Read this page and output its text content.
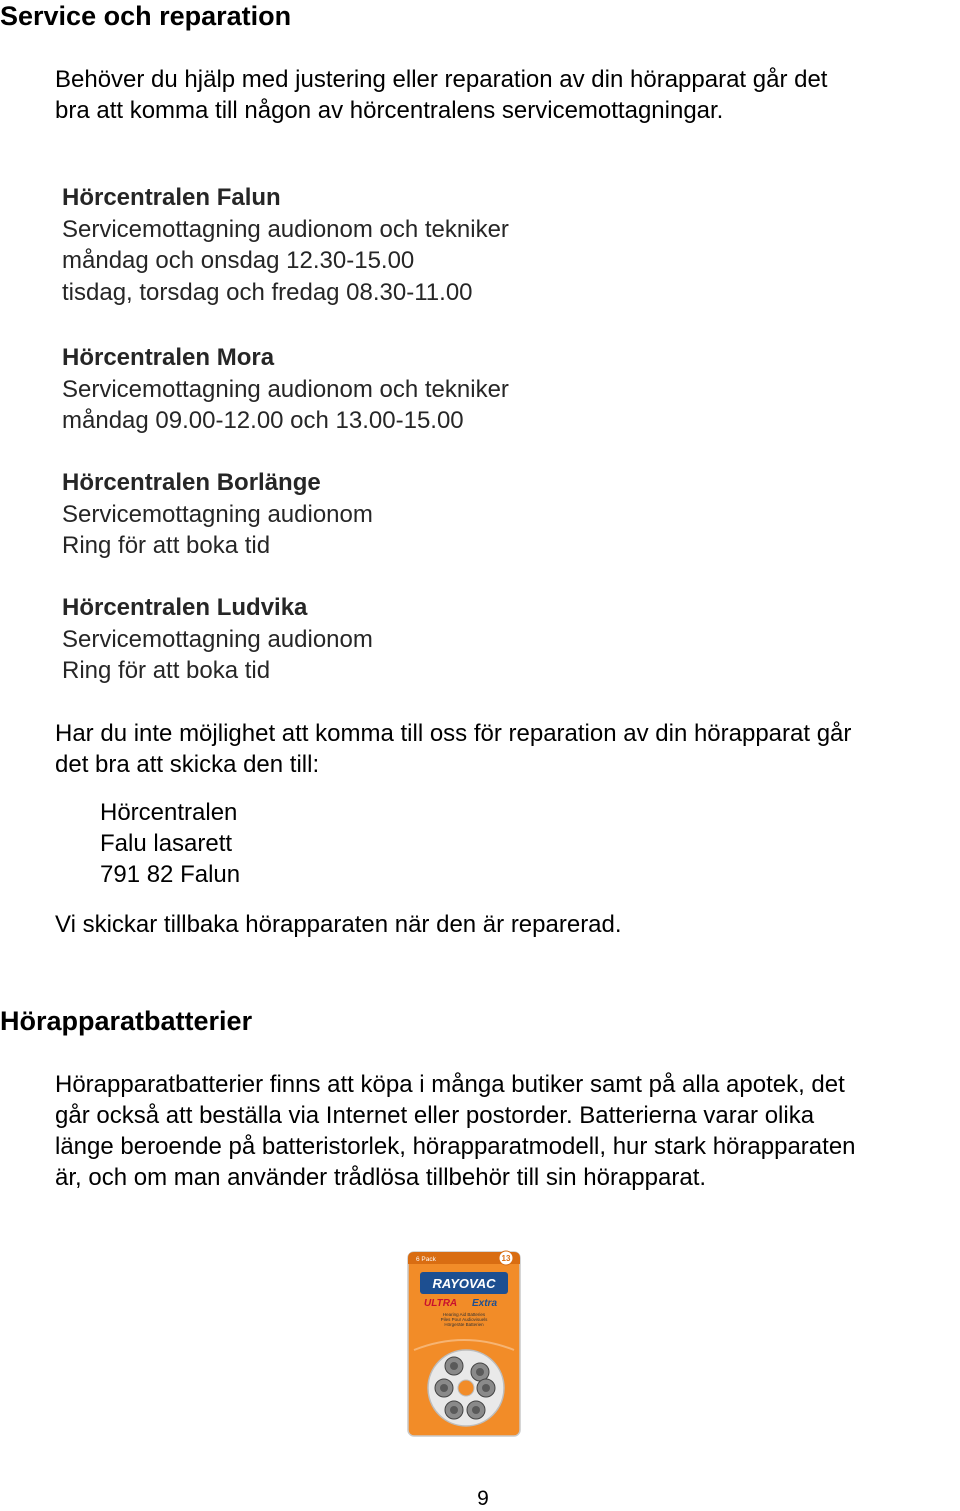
Service och reparation
Behöver du hjälp med justering eller reparation av din hörapparat går det
bra att komma till någon av hörcentralens servicemottagningar.
Hörcentralen Falun
Servicemottagning audionom och tekniker
måndag och onsdag 12.30-15.00
tisdag, torsdag och fredag 08.30-11.00
Hörcentralen Mora
Servicemottagning audionom och tekniker
måndag 09.00-12.00 och 13.00-15.00
Hörcentralen Borlänge
Servicemottagning audionom
Ring för att boka tid
Hörcentralen Ludvika
Servicemottagning audionom
Ring för att boka tid
Har du inte möjlighet att komma till oss för reparation av din hörapparat går
det bra att skicka den till:
Hörcentralen
Falu lasarett
791 82 Falun
Vi skickar tillbaka hörapparaten när den är reparerad.
Hörapparatbatterier
Hörapparatbatterier finns att köpa i många butiker samt på alla apotek, det
går också att beställa via Internet eller postorder. Batterierna varar olika
länge beroende på batteristorlek, hörapparatmodell, hur stark hörapparaten
är, och om man använder trådlösa tillbehör till sin hörapparat.
6 Pack	13
RAYOVAC
ULTRA Extra
Hearing Aid Batteries
Piles Pour Audiovisuels
Hörgeräte Batterien
9
